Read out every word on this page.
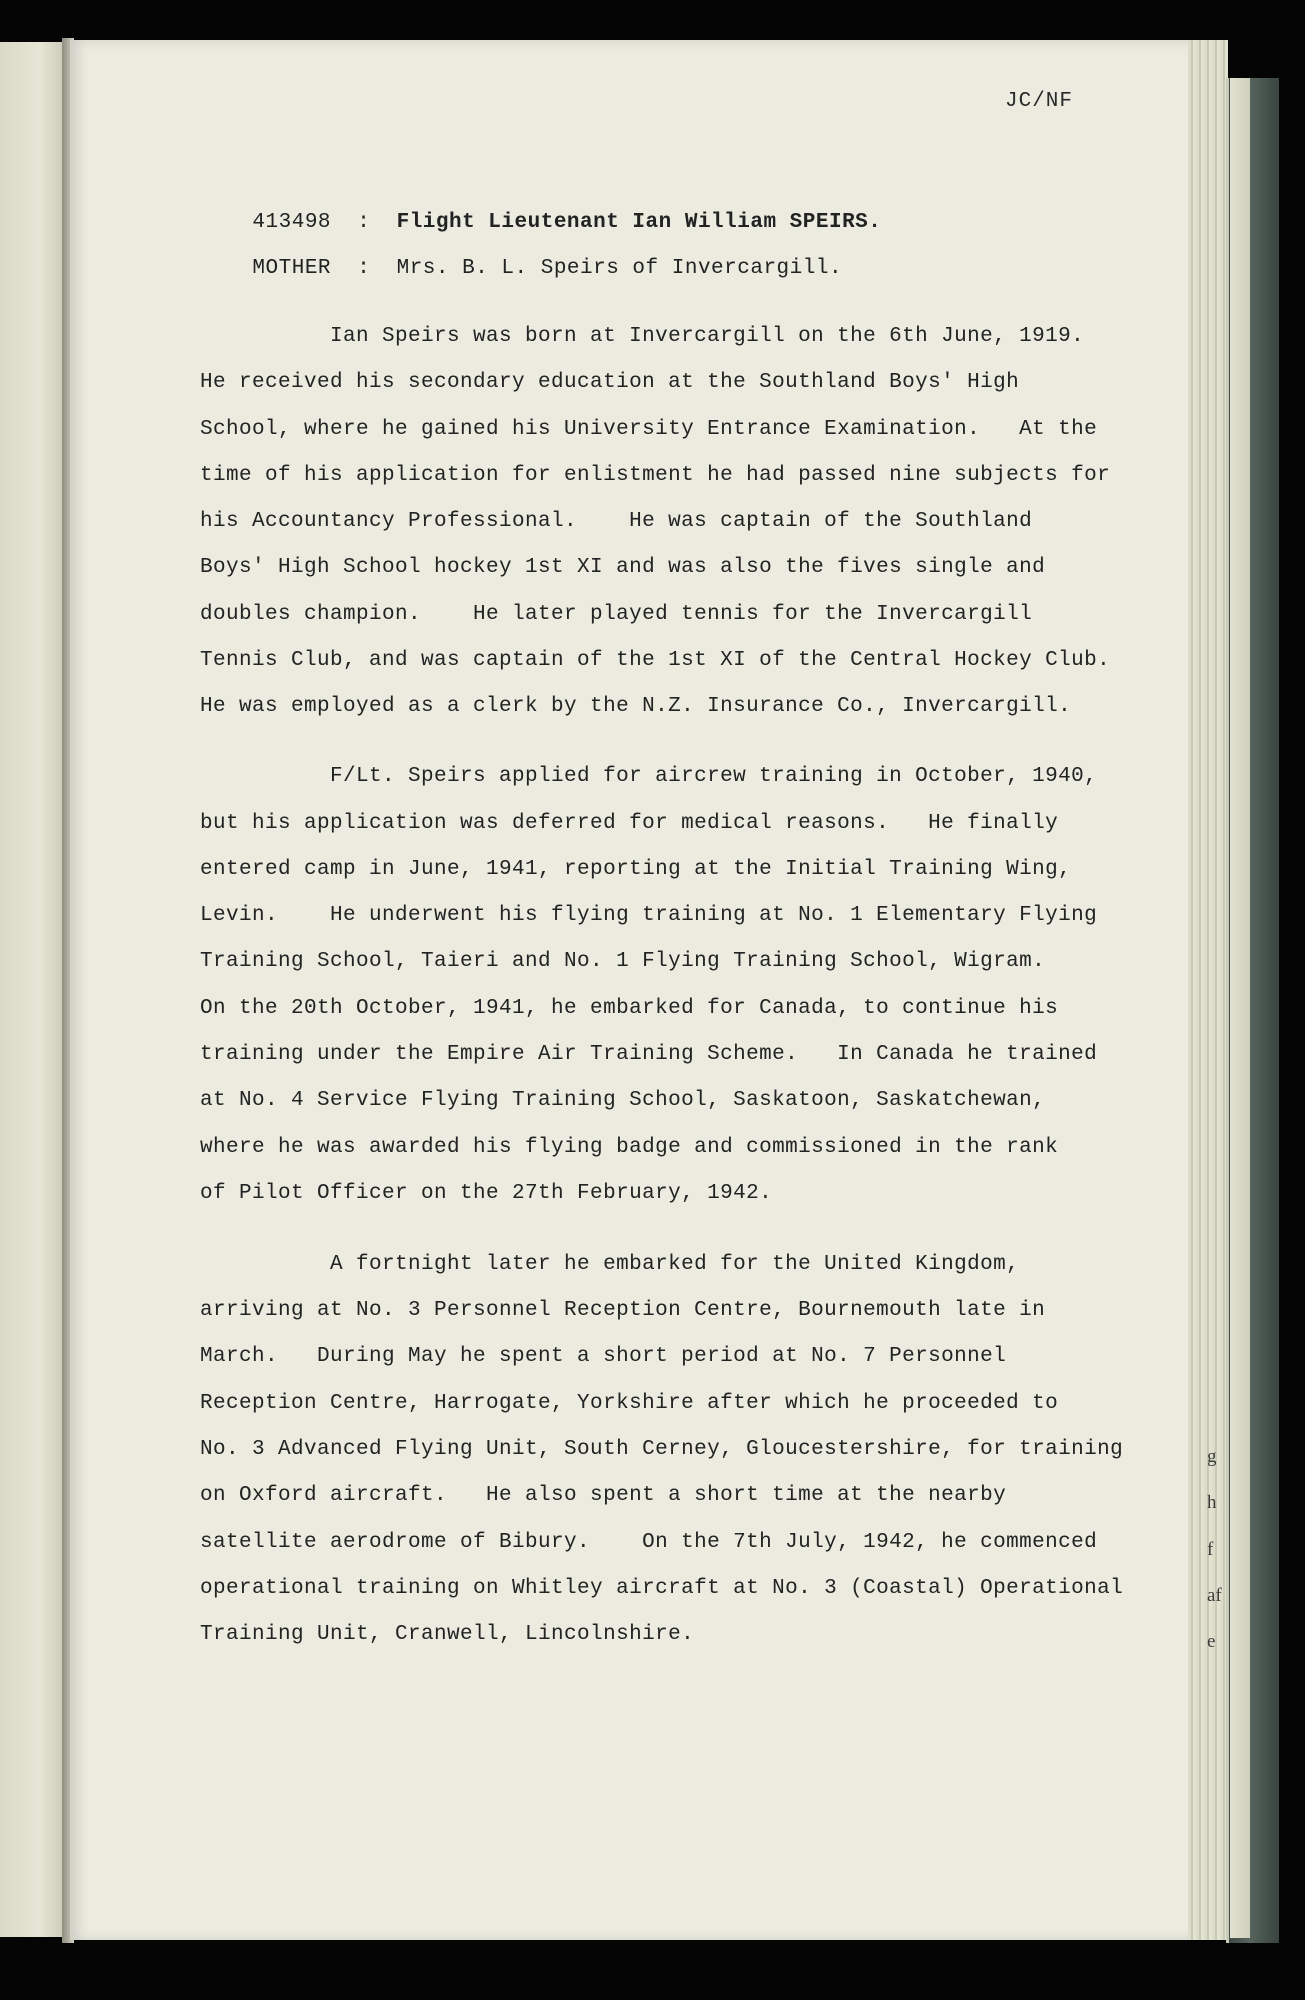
JC/NF

413498 : Flight Lieutenant Ian William SPEIRS.

MOTHER : Mrs. B. L. Speirs of Invercargill.

Ian Speirs was born at Invercargill on the 6th June, 1919.
He received his secondary education at the Southland Boys' High
School, where he gained his University Entrance Examination.   At the
time of his application for enlistment he had passed nine subjects for
his Accountancy Professional.    He was captain of the Southland
Boys' High School hockey 1st XI and was also the fives single and
doubles champion.    He later played tennis for the Invercargill
Tennis Club, and was captain of the 1st XI of the Central Hockey Club.
He was employed as a clerk by the N.Z. Insurance Co., Invercargill.
F/Lt. Speirs applied for aircrew training in October, 1940,
but his application was deferred for medical reasons.   He finally
entered camp in June, 1941, reporting at the Initial Training Wing,
Levin.    He underwent his flying training at No. 1 Elementary Flying
Training School, Taieri and No. 1 Flying Training School, Wigram.
On the 20th October, 1941, he embarked for Canada, to continue his
training under the Empire Air Training Scheme.   In Canada he trained
at No. 4 Service Flying Training School, Saskatoon, Saskatchewan,
where he was awarded his flying badge and commissioned in the rank
of Pilot Officer on the 27th February, 1942.
A fortnight later he embarked for the United Kingdom,
arriving at No. 3 Personnel Reception Centre, Bournemouth late in
March.   During May he spent a short period at No. 7 Personnel
Reception Centre, Harrogate, Yorkshire after which he proceeded to
No. 3 Advanced Flying Unit, South Cerney, Gloucestershire, for training
on Oxford aircraft.   He also spent a short time at the nearby
satellite aerodrome of Bibury.    On the 7th July, 1942, he commenced
operational training on Whitley aircraft at No. 3 (Coastal) Operational
Training Unit, Cranwell, Lincolnshire.
g
h
f
af
e
